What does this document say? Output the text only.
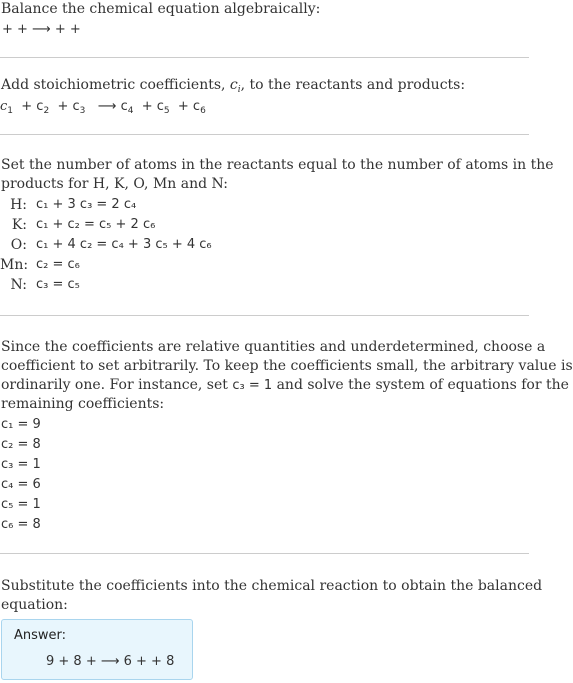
Balance the chemical equation algebraically:
+ + ⟶ + +
Add stoichiometric coefficients, $c_i$, to the reactants and products:
$c_1 + c_2 + c_3$ ⟶ $c_4 + c_5 + c_6$
Set the number of atoms in the reactants equal to the number of atoms in the
products for H, K, O, Mn and N:
H: c₁ + 3 c₃ = 2 c₄
K: c₁ + c₂ = c₅ + 2 c₆
O: c₁ + 4 c₂ = c₄ + 3 c₅ + 4 c₆
Mn: c₂ = c₆
N: c₃ = c₅
Since the coefficients are relative quantities and underdetermined, choose a
coefficient to set arbitrarily. To keep the coefficients small, the arbitrary value is
ordinarily one. For instance, set c₃ = 1 and solve the system of equations for the
remaining coefficients:
c₁ = 9
c₂ = 8
c₃ = 1
c₄ = 6
c₅ = 1
c₆ = 8
Substitute the coefficients into the chemical reaction to obtain the balanced
equation:
Answer:
9 + 8 + ⟶ 6 + + 8
